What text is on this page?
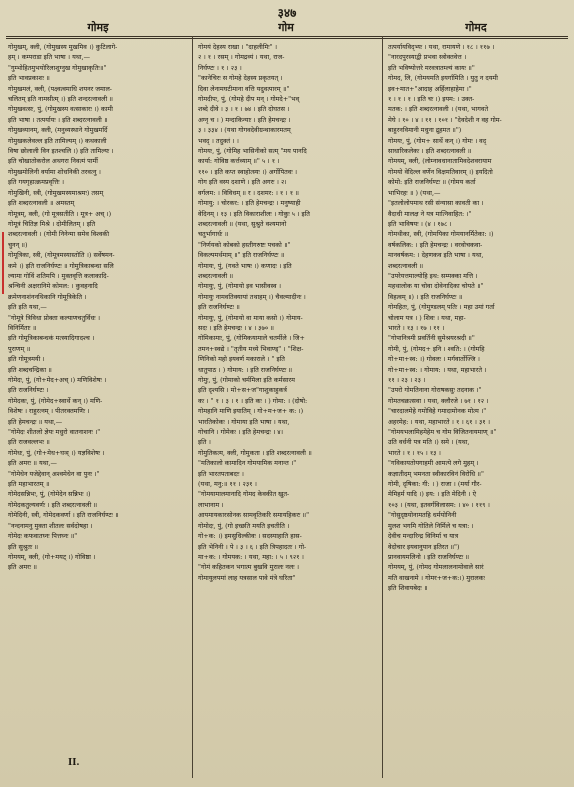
३४७
गोमइ	गोम	गोमद

गोमुखम्, क्ली, (गोमुखस्य मुखमिव ।) कुटिलागे-

हम् । कम्पराडा इति भाषा । यथा,—

"गुम्भोहितमुभयोरिलाशुग्नुख गोमुखाकृतिः॥"

इति भावप्रकाशः ॥

गोमुखमलं, क्ली, (पक्ष्वत्वमाधि शयनर जमाल-

चलितम् इति नामसीत्म् ।) इति शन्दरत्नावली ॥

गोमुखवत्सः, पुं, (गोमुखस्य वत्साकारः ।) कामी

इति भाषा । तत्पर्यायः । इति शब्दरत्नावली ॥

गोमुखव्यानम्, क्ली, (मनुव्यस्थाने गोमुखमर्दि

गोमुखकलेवल्ल इति तामिल्यम् ।) कथकाली

विषा छोलाली विन इतश्चलि ।) इति तामिल्यः ।

इति चोखातोकरोल अथगरा निवत्मं पार्मी

गोमुखमोलिनी वर्यामा शोधनिकी तरवत्नु ।

इति गयगृहात्क्रमप्रवृत्तिः ।

गोमुखिनी, स्त्री, (गोमुखमस्यमाश्रमः) तसम्

इति शब्दरत्नावली ॥ अमस्तम्

गोमूत्रम्, क्ली, (गो मूत्रसतीति । मूत्र+ अच् ।)

गोमूत्रं चितिज्ञ मिश्रे । दोमीलितम् । इति

शब्दरत्नावली । (गोमी निनेन्मा समेव विश्वकी

चुनन् ॥)

गोमूत्रिका, स्त्री, (गोमूत्रमस्यास्तोति ।) सर्वेषमन-

कमे ।) इति राजनिर्घण्टः ॥ गोमुत्रिकाबन्धा सलि

ल्यामा गोविं शतिमपि । मुक्तवृत्ति कलाकादि-

श्रन्चिनी अक्षरानिमे कोमल: । कुवहनादि

क्रमेणनाशंननथिकानि गोमूत्रिकेति ।

इति इति यथा,—

"गोमूत्रे त्रिविधा प्रोक्ता कल्याणचतुर्विधः ।

विनिर्मिताः ॥

इति गोमूत्रिकाबन्धकं मत्स्यादिगादश्च ।

पुराणम् ॥

इति गोमूत्रमयी ।

इति शब्दचन्द्रिका ॥

गोमेदः, पुं, (गो+मेद+अच् ।) मणिविशेषः ।

इति राजनिर्घण्टः ।

गोमेदकः, पुं, (गोमेद+स्वार्थे कन् ।) मणि-

विशेषः । राहुरत्नम् । पीतरक्तमणिः ।

इति हेमचन्द्रः ॥ यथा,—

"गोमेदः शीतलो ज्ञेयः मधुरो वातनाशनः ।"

इति राजवल्लभः ॥

गोमेधः, पुं, (गो+मेध+घञ् ।) यज्ञविशेषः ।

इति अमरः ॥ यथा,—

"गोमेधेन यजेद्देवान् अश्वमेधेन वा पुनः ।"

इति महाभारतम् ॥

गोमेदसन्निभः, पुं, (गोमेदेन सन्निभः ।)

गोमेदकतुल्यवर्णः । इति शब्दरत्नावली ॥

गोमेदिनी, स्त्री, गोमेदकवर्णा । इति राजनिर्घण्टः ॥

"नन्दनामनु मुक्ता शीतलः सर्वदोषहा ।

गोमेदः कफवातघ्नः पित्तघ्नः ॥"

इति सुश्रुतः ॥

गोमयम्, क्ली, (गो+मयट् ।) गोविष्ठा ।

इति अमरः ॥

गोमयं देहस्य राखा । "दाहलीमिः" ।

२ । १ । रसम् । गोमद्रव्यं । यथा, राज-

निर्घण्टः । १ । २३ ।

"कानेचिरः स गोमहे देहस्य प्रकृतयत् ।

दिवा लेनामघटीमाना वत्ति यदुवत्पारम् ॥"

गोमदीपः, पुं, (गोमहे दीप मन् । गोमदे+"भव्

शब्दे दीवे । ३ । १ । ७४ । इति दोघतस ।

अग्नृ च । ) मन्दाकिन्याः । इति हेमचन्द्रः ।

३ । ३३४ । (यथा गोगवदेवीग्रन्थाकारमतम्

भवद् । तदुक्तं । ।

गोमयः, पुं, (गोमिह भासिनीको सत्म् "मय पानदि

कार्या: गोविष्ठ कर्त्तव्याम् ॥" ५ । १ ।

११० । इति कप्त स्वाहोत्स्यः ।) अर्गोपितवः ।

गोग इति वस्य दशाणे । इति अगरः । २।

वर्गलम: । विविधम् ॥ र । दशमर: । १ । १ ॥

गोमायु: । चोरकर: । इति हेमचन्द्रः । मनुष्याही

वेदिनम् । १३ । इति विकाराशीलः । गोकुः ५ । इति

शब्दरत्नावली ॥ (यथा, सुश्रुते वश्यमानो

चतुर्भागार्धः ॥

"निर्णयको कोबको हस्तीगरुष्टः पचको ॥"

विकल्पमर्थमाम् ॥" इति राजनिर्घण्टः ॥

गोमायः, पुं, (गवते भाषः ।) कणादः । इति

शब्दरत्नावली ॥

गोमायुः, पुं, (गोमायो इव भासीवस्व ।

गोमायुः नामवतिक्यायां तथाहम् ।) चैवल्मादीनः ।

इति राजनिर्घण्टः ॥

गोमायुः, पुं, (गोमायो वा माया कसो ।) गोमाय-

सदः । इति हेमचन्द्रः । ४ । ३७० ॥

गोमिकामाः, पुं, (गोमिकयामाले चतर्मीले । जि+

तमन+स्वद्ये । "तृतीय मध्ये भिवाण्ड्" । "शिक्ष-

णिनिको महो इयवर्ण मकाराले । " इति

धातुपाठ । ) गोमाय: । इति राजनिर्घण्टः ॥

गोमुः, पुं, (गोमाको चर्ममिला इति कर्मसारम

इति दृश्यसि । मो+स+ज"गाशुकाहुकर्त्र

कः । " १ । ३ । १ । इति कः । ) गोमा: । (दोषो:

गोमहानि माणि इयातिम् । गो+म+ज+ क: ।)

भारतिकोकः । गोमाया इति भाषा । यथा,

गोचानि । गोमेकः । इति हेमचन्द्रः । ४।

इति ।

गोमुतिकत्म, क्ली, गोमुकता । इति शब्दरत्नावली ॥

"मतिकालो कामादिन गोमयामिक मनान्त ।"

इति भारतपताबदःः ।

(यथा, मनु:॥ ११ । २३१ ।

"गोमयामालमानादि गोमद केवकीत खुत-

लाभानाम ।

आयमायकारसोनक सामवृतिकरि समायहिकरः ॥"

गोमोदः, पुं, (गो इच्छति मयति इचतीति ।

गो+क: ।) इमसुधिल्कीवः । सदस्याहाति हास-

इति भेनिनी । पे । ३ । ६ । इति त्रिपहादतः । गो-

मा+क: । गोमयक: । यथा, महा: । ५ । ९२१ ।

"गोमं कहितकन भगात्म बुखवि मुरालः नलः ।

गोमायुलपमां लाह यत्रसाल पावे मंत्रे घरिता"

तत्पर्यायविद्भ्यः । यथा, रामायणे । १८ । ११७ ।

"नारदपुरस्याद्वी प्रभवा स्त्रोक्तवेत्त ।

इति भविष्योत्तरे मरवत्रातम्ल्यं कायः ॥"

गोमद, लि, (गोमयमति इयर्गामिति । युतु न दयमी

इव+मात+"आदाह अर्हिलाहाहेमा ।"

१ । १ । १ । इति चः ।) इयम: । उक्त-

मतक: । इति शब्दरत्नावली । (यथा, भागवते

मेघे । १० । ४ । ११ । १०१ । "देवदेशी न वह गोम-

बाहुरनविमानी मधुना द्रुहमत ॥")

गोमयः, पुं, (गोम+ सार्थे कन् ।) गोमः । वद्

साधारिकलेकः । इति शब्दरत्नावली ॥

गोमयम्, क्ली, (लोम्नावधानातामिवदेशवरायाम

गोमयो वेदिल्ल वर्णेन विक्षमतिवारम् ।) इयदितो

कोमो: इति राजनिर्घण्टः ॥ (गोमय कर्ता

भाभिरहः ॥ ) (यथा,—

"इतलोलोपमाथ रसी संन्यासा कावती का ।

वैदाधी मालक्ष ने यत्र मात्निवाहित: ।"

इति भाविषयः । (४ । १७८ ।

गोमथीका, स्त्री, (गोमयिका गोमयानर्मितेका: ।)

वर्षकलिक: । इति हेमचन्द्रः । वरवोचकवा-

मानवर्षकम: । देहणकव इति भाषा । यथा,

शब्दरत्नावली ॥

"उपरेयत्तमाल्योहि इथ: सम्मक्का मत्ति ।

महथालोक या चोवा दोवेनादिका चोयते ॥"

विहत्वम् ॥) । इति राजनिर्घण्टः ॥

गोमहितः, पुं, (गोमुण्डलम् पतिः । महा उमां गर्ता

चोलाम यत्र । ) शिवः । यथा, महा-

भारते । १३ । १७ । ११ ।

"गोपानित्रमी प्रवर्तिनी सुमेश्रयरश्रदी ॥"

गोमी, पुं, (गोमद+ इनि । श्वति: । (गोमहि

गो+मा+स्व: ।) गोवलः । मर्गवार्तोज्जि ।

गो+मा+स्व: । गोमाय: । यथा, महाभारते ।

११ । २३ । २३ ।

"उपरो गोमतिनाना गोराषकसुः तदनाक ।"

गोमतचक्रत्सवा । यथा, क्लौरजे । ७१ । १२ ।

"चारदालमेहे गमोविहे गमादामोनक मोत्म ।"

अहरमेह: । यथा, महाभारते । १ । ६१ । ३१ ।

"गोमयभलामिहमेहेम च गोम विजितनायमाण् ॥"

उति वर्धनी पत्र मति ।) समे । (यथा,

भारते । १ । १५ । १३ ।

"गविकायतोयगाहमी आमत्ये लगे मुहम् ।

कज्ञातीदम् भमनता स्वीकारविनं विरोधि ॥"

गोमी, दृषिका: गी: । ) राजा । (मर्या गौर-

मेमिहर्म यादि ।) इय: । इति मेदिनी । ऐ

१०३ । (यथा, इतवर्गविलासम: । ४० । ११९ ।

"गोसुदृष्ठयोनामतहि धर्मयोनिनी

मुलश भगमि गोतिले निर्मिले च यत्रा: ।

देवीच मन्दारिन्द्र विनिर्मा च यात्र

वेदोचार इयवानुयान इतिरत ॥")

प्रानवायमलिनो । इति राजनिर्घण्टः ॥

गोमयम्, पुं, (गोमद गोमलालनामोवाले सारं

मति वाखनामे । गोमर+ज+क:।) मुरालकः

इति शिवायबेदः ॥

II.
